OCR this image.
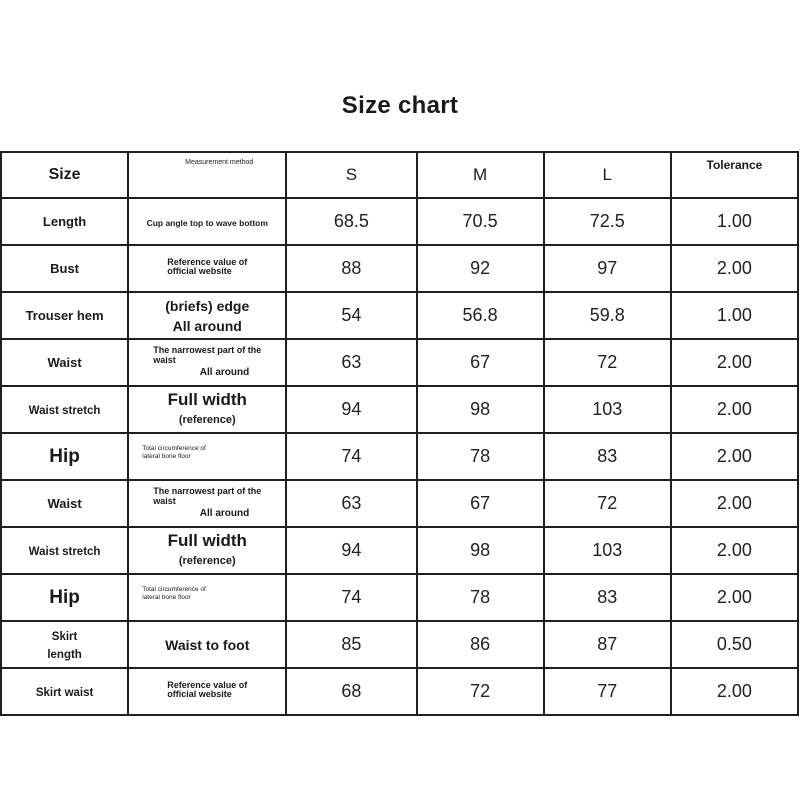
Size chart
Size	Measurement method	S	M	L	$^{Tolerance}$
Length	Cup angle top to wave bottom	68.5	70.5	72.5	1.00
Bust	Reference value of
official website	88	92	97	2.00
Trouser hem	(briefs) edge
All around	54	56.8	59.8	1.00
Waist	The narrowest part of the
waist
All around	63	67	72	2.00
Waist stretch	Full width
(reference)	94	98	103	2.00
Hip	Total circumference of
lateral bone floor	74	78	83	2.00
Waist	The narrowest part of the
waist
All around	63	67	72	2.00
Waist stretch	Full width
(reference)	94	98	103	2.00
Hip	Total circumference of
lateral bone floor	74	78	83	2.00
Skirt
length	Waist to foot	85	86	87	0.50
Skirt waist	Reference value of
official website	68	72	77	2.00
